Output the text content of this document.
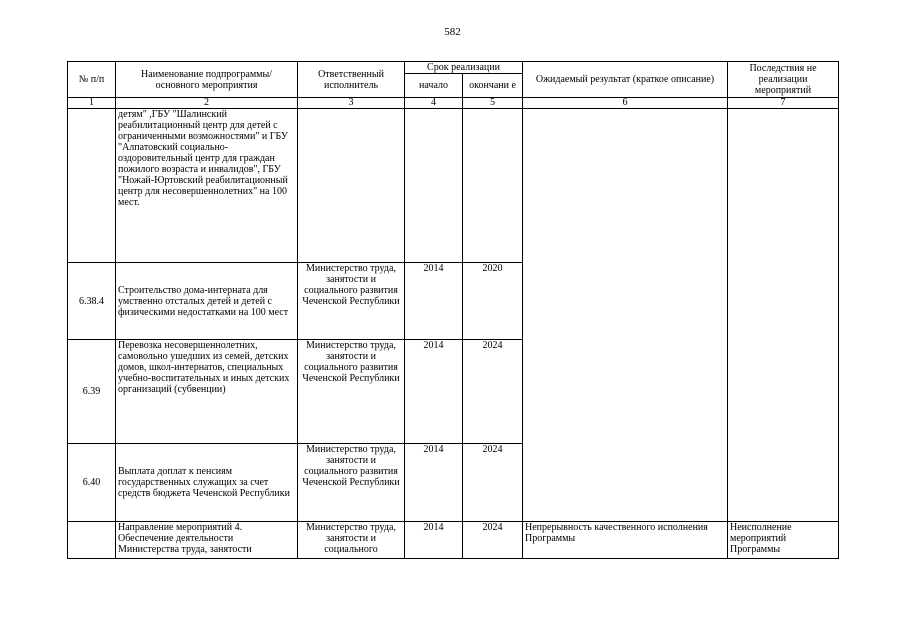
582
№ п/п	Наименование подпрограммы/ основного мероприятия	Ответственный исполнитель	Срок реализации		Ожидаемый результат (краткое описание)	Последствия не реализации мероприятий
			начало	окончани е		
1	2	3	4	5	6	7
	детям" ,ГБУ "Шалинский реабилитационный центр для детей с ограниченными возможностями" и ГБУ "Алпатовский социально-оздоровительный центр для граждан пожилого возраста и инвалидов", ГБУ "Ножай-Юртовский реабилитационный центр для несовершеннолетних" на 100 мест.					
6.38.4	Строительство дома-интерната для умственно отсталых детей и детей с физическими недостатками на 100 мест	Министерство труда, занятости и социального развития Чеченской Республики	2014	2020		
6.39	Перевозка несовершеннолетних, самовольно ушедших из семей, детских домов, школ-интернатов, специальных учебно-воспитательных и иных детских организаций (субвенции)	Министерство труда, занятости и социального развития Чеченской Республики	2014	2024		
6.40	Выплата доплат к пенсиям государственных служащих за счет средств бюджета Чеченской Республики	Министерство труда, занятости и социального развития Чеченской Республики	2014	2024		
	Направление мероприятий 4. Обеспечение деятельности Министерства труда, занятости	Министерство труда, занятости и социального	2014	2024	Непрерывность качественного исполнения Программы	Неисполнение мероприятий Программы
